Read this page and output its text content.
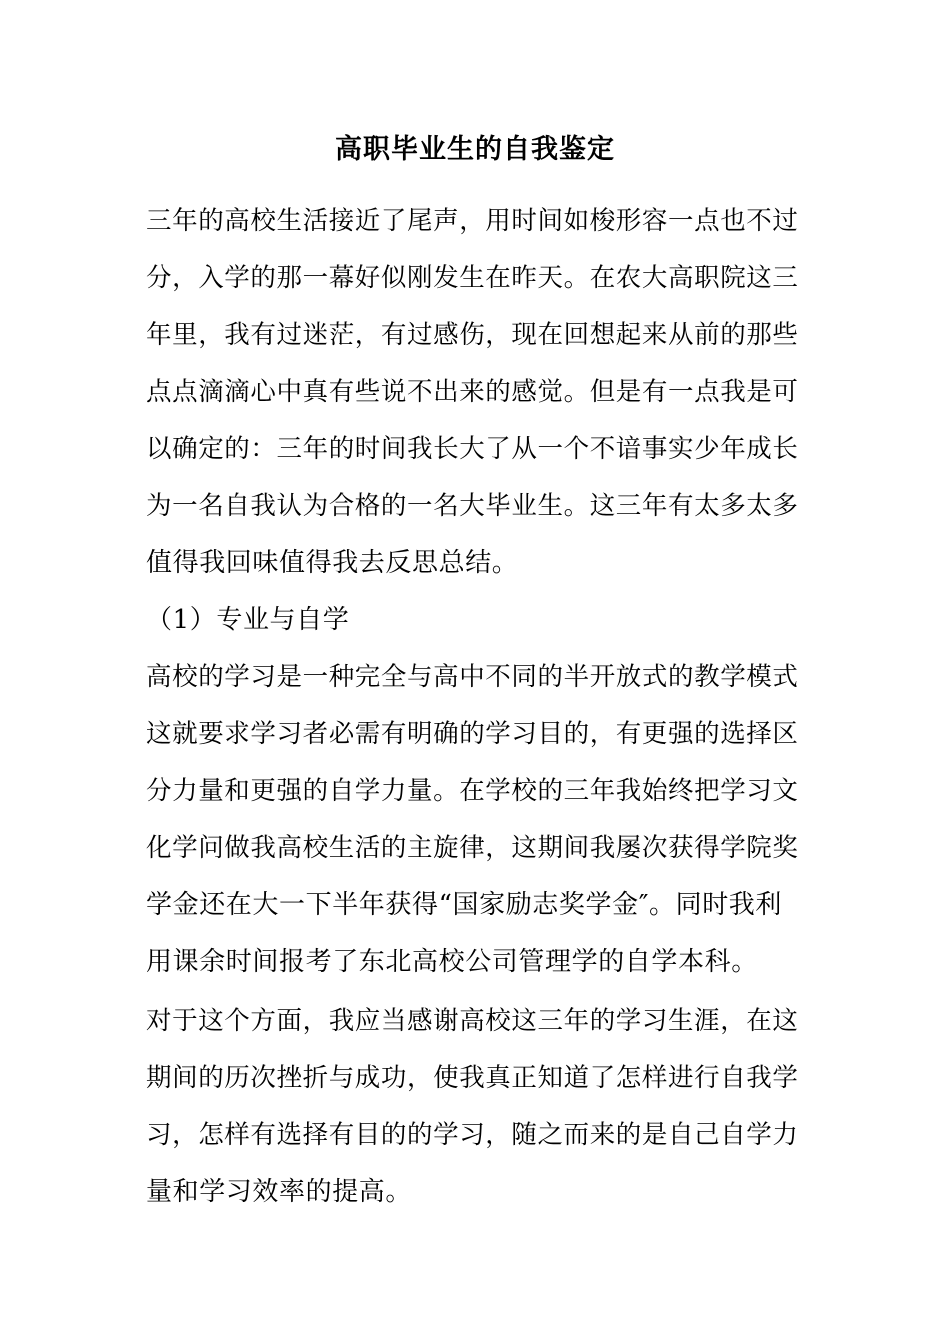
高职毕业生的自我鉴定
三年的高校生活接近了尾声，用时间如梭形容一点也不过
分，入学的那一幕好似刚发生在昨天。在农大高职院这三
年里，我有过迷茫，有过感伤，现在回想起来从前的那些
点点滴滴心中真有些说不出来的感觉。但是有一点我是可
以确定的：三年的时间我长大了从一个不谙事实少年成长
为一名自我认为合格的一名大毕业生。这三年有太多太多
值得我回味值得我去反思总结。
（1）专业与自学
高校的学习是一种完全与高中不同的半开放式的教学模式
这就要求学习者必需有明确的学习目的，有更强的选择区
分力量和更强的自学力量。在学校的三年我始终把学习文
化学问做我高校生活的主旋律，这期间我屡次获得学院奖
学金还在大一下半年获得“国家励志奖学金″。同时我利
用课余时间报考了东北高校公司管理学的自学本科。
对于这个方面，我应当感谢高校这三年的学习生涯，在这
期间的历次挫折与成功，使我真正知道了怎样进行自我学
习，怎样有选择有目的的学习，随之而来的是自己自学力
量和学习效率的提高。
